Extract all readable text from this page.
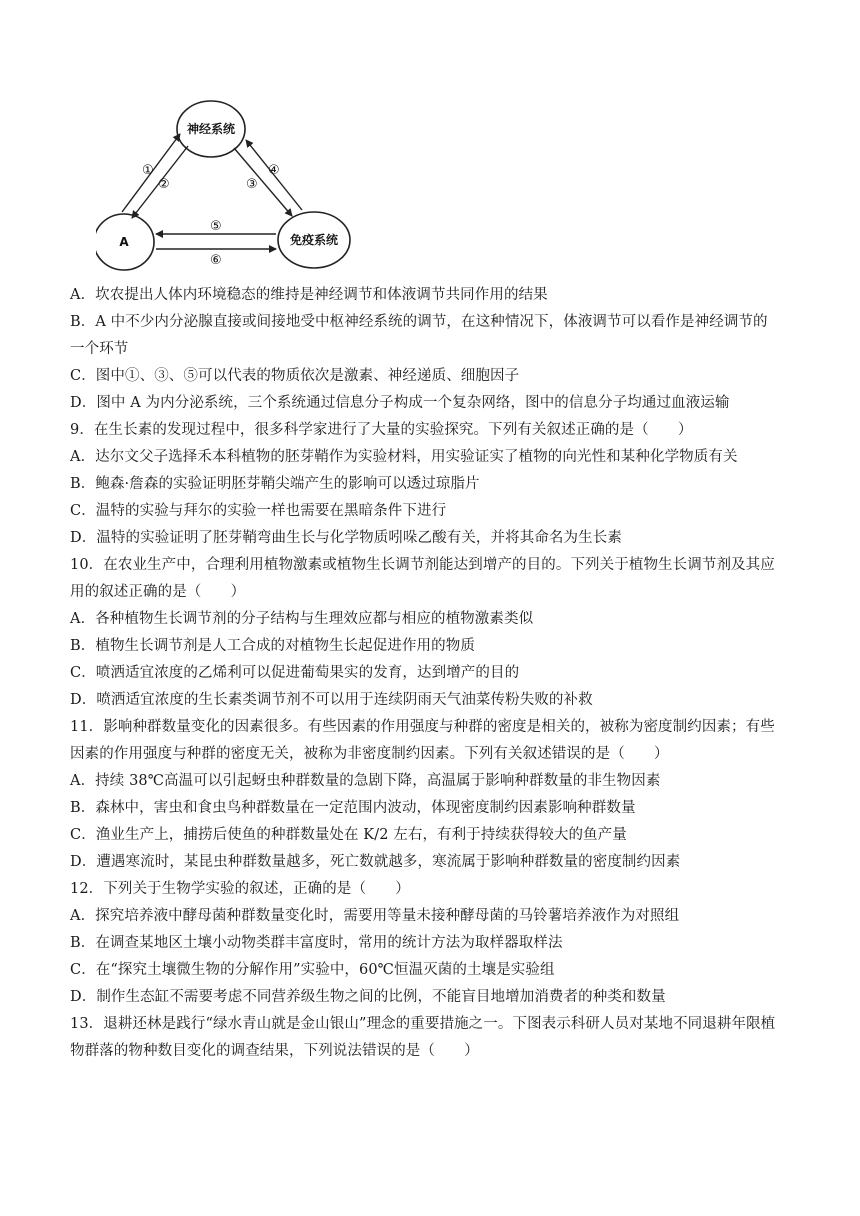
神经系统
A	免疫系统
①
②	③
④
⑤
⑥
A．坎农提出人体内环境稳态的维持是神经调节和体液调节共同作用的结果
B．A 中不少内分泌腺直接或间接地受中枢神经系统的调节，在这种情况下，体液调节可以看作是神经调节的
一个环节
C．图中①、③、⑤可以代表的物质依次是激素、神经递质、细胞因子
D．图中 A 为内分泌系统，三个系统通过信息分子构成一个复杂网络，图中的信息分子均通过血液运输
9．在生长素的发现过程中，很多科学家进行了大量的实验探究。下列有关叙述正确的是（　　）
A．达尔文父子选择禾本科植物的胚芽鞘作为实验材料，用实验证实了植物的向光性和某种化学物质有关
B．鲍森·詹森的实验证明胚芽鞘尖端产生的影响可以透过琼脂片
C．温特的实验与拜尔的实验一样也需要在黑暗条件下进行
D．温特的实验证明了胚芽鞘弯曲生长与化学物质吲哚乙酸有关，并将其命名为生长素
10．在农业生产中，合理利用植物激素或植物生长调节剂能达到增产的目的。下列关于植物生长调节剂及其应
用的叙述正确的是（　　）
A．各种植物生长调节剂的分子结构与生理效应都与相应的植物激素类似
B．植物生长调节剂是人工合成的对植物生长起促进作用的物质
C．喷洒适宜浓度的乙烯利可以促进葡萄果实的发育，达到增产的目的
D．喷洒适宜浓度的生长素类调节剂不可以用于连续阴雨天气油菜传粉失败的补救
11．影响种群数量变化的因素很多。有些因素的作用强度与种群的密度是相关的，被称为密度制约因素；有些
因素的作用强度与种群的密度无关，被称为非密度制约因素。下列有关叙述错误的是（　　）
A．持续 38℃高温可以引起蚜虫种群数量的急剧下降，高温属于影响种群数量的非生物因素
B．森林中，害虫和食虫鸟种群数量在一定范围内波动，体现密度制约因素影响种群数量
C．渔业生产上，捕捞后使鱼的种群数量处在 K/2 左右，有利于持续获得较大的鱼产量
D．遭遇寒流时，某昆虫种群数量越多，死亡数就越多，寒流属于影响种群数量的密度制约因素
12．下列关于生物学实验的叙述，正确的是（　　）
A．探究培养液中酵母菌种群数量变化时，需要用等量未接种酵母菌的马铃薯培养液作为对照组
B．在调查某地区土壤小动物类群丰富度时，常用的统计方法为取样器取样法
C．在“探究土壤微生物的分解作用”实验中，60℃恒温灭菌的土壤是实验组
D．制作生态缸不需要考虑不同营养级生物之间的比例，不能盲目地增加消费者的种类和数量
13．退耕还林是践行“绿水青山就是金山银山”理念的重要措施之一。下图表示科研人员对某地不同退耕年限植
物群落的物种数目变化的调查结果，下列说法错误的是（　　）
